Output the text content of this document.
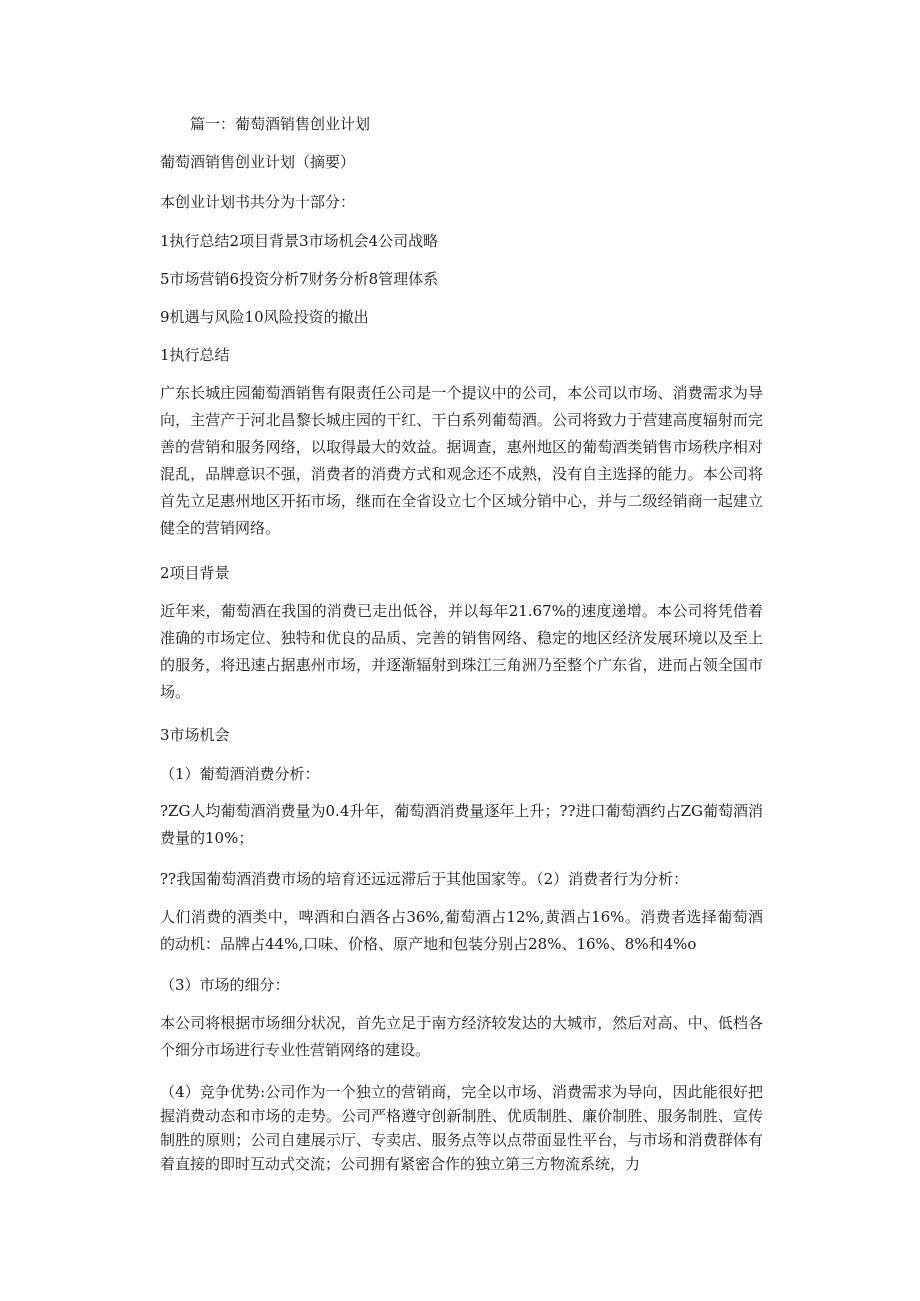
篇一：葡萄酒销售创业计划
葡萄酒销售创业计划（摘要）
本创业计划书共分为十部分：
1执行总结2项目背景3市场机会4公司战略
5市场营销6投资分析7财务分析8管理体系
9机遇与风险10风险投资的撤出
1执行总结
广东长城庄园葡萄酒销售有限责任公司是一个提议中的公司，本公司以市场、消费需求为导向，主营产于河北昌黎长城庄园的干红、干白系列葡萄酒。公司将致力于营建高度辐射而完善的营销和服务网络，以取得最大的效益。据调查，惠州地区的葡萄酒类销售市场秩序相对混乱，品牌意识不强，消费者的消费方式和观念还不成熟，没有自主选择的能力。本公司将首先立足惠州地区开拓市场，继而在全省设立七个区域分销中心，并与二级经销商一起建立健全的营销网络。
2项目背景
近年来，葡萄酒在我国的消费已走出低谷，并以每年21.67%的速度递增。本公司将凭借着准确的市场定位、独特和优良的品质、完善的销售网络、稳定的地区经济发展环境以及至上的服务，将迅速占据惠州市场，并逐渐辐射到珠江三角洲乃至整个广东省，进而占领全国市场。
3市场机会
（1）葡萄酒消费分析：
?ZG人均葡萄酒消费量为0.4升年，葡萄酒消费量逐年上升；??进口葡萄酒约占ZG葡萄酒消费量的10%；
??我国葡萄酒消费市场的培育还远远滞后于其他国家等。（2）消费者行为分析：
人们消费的酒类中，啤酒和白酒各占36%,葡萄酒占12%,黄酒占16%。消费者选择葡萄酒的动机：品牌占44%,口味、价格、原产地和包装分别占28%、16%、8%和4%o
（3）市场的细分：
本公司将根据市场细分状况，首先立足于南方经济较发达的大城市，然后对高、中、低档各个细分市场进行专业性营销网络的建设。
（4）竞争优势:公司作为一个独立的营销商，完全以市场、消费需求为导向，因此能很好把握消费动态和市场的走势。公司严格遵守创新制胜、优质制胜、廉价制胜、服务制胜、宣传制胜的原则；公司自建展示厅、专卖店、服务点等以点带面显性平台，与市场和消费群体有着直接的即时互动式交流；公司拥有紧密合作的独立第三方物流系统，力
